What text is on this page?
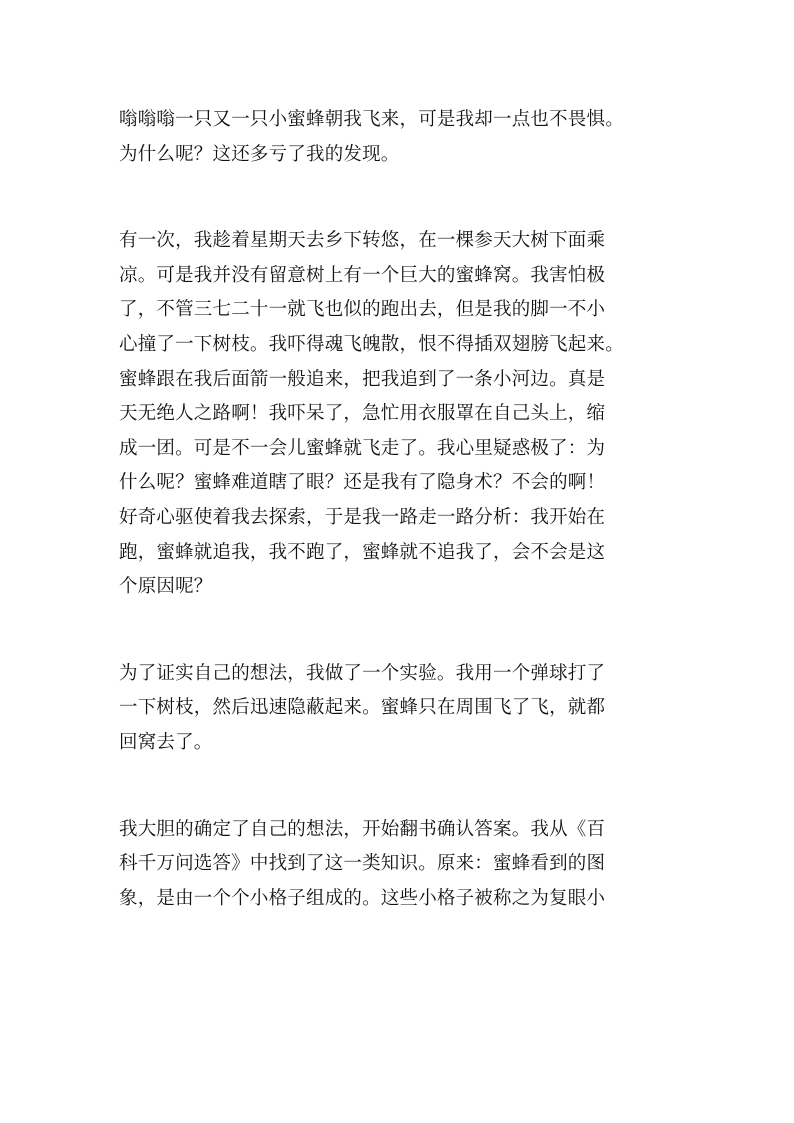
嗡嗡嗡一只又一只小蜜蜂朝我飞来，可是我却一点也不畏惧。
为什么呢？这还多亏了我的发现。
有一次，我趁着星期天去乡下转悠，在一棵参天大树下面乘
凉。可是我并没有留意树上有一个巨大的蜜蜂窝。我害怕极
了，不管三七二十一就飞也似的跑出去，但是我的脚一不小
心撞了一下树枝。我吓得魂飞魄散，恨不得插双翅膀飞起来。
蜜蜂跟在我后面箭一般追来，把我追到了一条小河边。真是
天无绝人之路啊！我吓呆了，急忙用衣服罩在自己头上，缩
成一团。可是不一会儿蜜蜂就飞走了。我心里疑惑极了：为
什么呢？蜜蜂难道瞎了眼？还是我有了隐身术？不会的啊！
好奇心驱使着我去探索，于是我一路走一路分析：我开始在
跑，蜜蜂就追我，我不跑了，蜜蜂就不追我了，会不会是这
个原因呢？
为了证实自己的想法，我做了一个实验。我用一个弹球打了
一下树枝，然后迅速隐蔽起来。蜜蜂只在周围飞了飞，就都
回窝去了。
我大胆的确定了自己的想法，开始翻书确认答案。我从《百
科千万问选答》中找到了这一类知识。原来：蜜蜂看到的图
象，是由一个个小格子组成的。这些小格子被称之为复眼小
